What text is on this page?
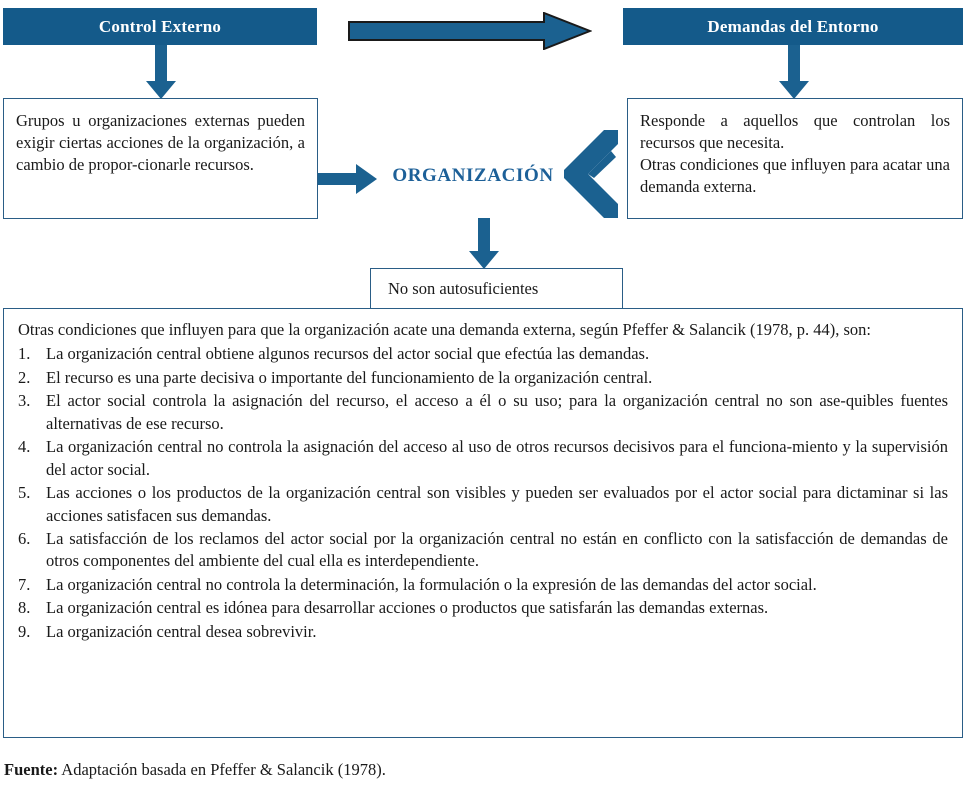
Control Externo	Demandas del Entorno

Grupos u organizaciones externas pueden exigir ciertas acciones de la organización, a cambio de propor-cionarle recursos.

Responde a aquellos que controlan los recursos que necesita.

Otras condiciones que influyen para acatar una demanda externa.

ORGANIZACIÓN

No son autosuficientes

Otras condiciones que influyen para que la organización acate una demanda externa, según Pfeffer & Salancik (1978, p. 44), son:

1. La organización central obtiene algunos recursos del actor social que efectúa las demandas.
2. El recurso es una parte decisiva o importante del funcionamiento de la organización central.
3. El actor social controla la asignación del recurso, el acceso a él o su uso; para la organización central no son ase-quibles fuentes alternativas de ese recurso.
4. La organización central no controla la asignación del acceso al uso de otros recursos decisivos para el funciona-miento y la supervisión del actor social.
5. Las acciones o los productos de la organización central son visibles y pueden ser evaluados por el actor social para dictaminar si las acciones satisfacen sus demandas.
6. La satisfacción de los reclamos del actor social por la organización central no están en conflicto con la satisfacción de demandas de otros componentes del ambiente del cual ella es interdependiente.
7. La organización central no controla la determinación, la formulación o la expresión de las demandas del actor social.
8. La organización central es idónea para desarrollar acciones o productos que satisfarán las demandas externas.
9. La organización central desea sobrevivir.
Fuente: Adaptación basada en Pfeffer & Salancik (1978).
